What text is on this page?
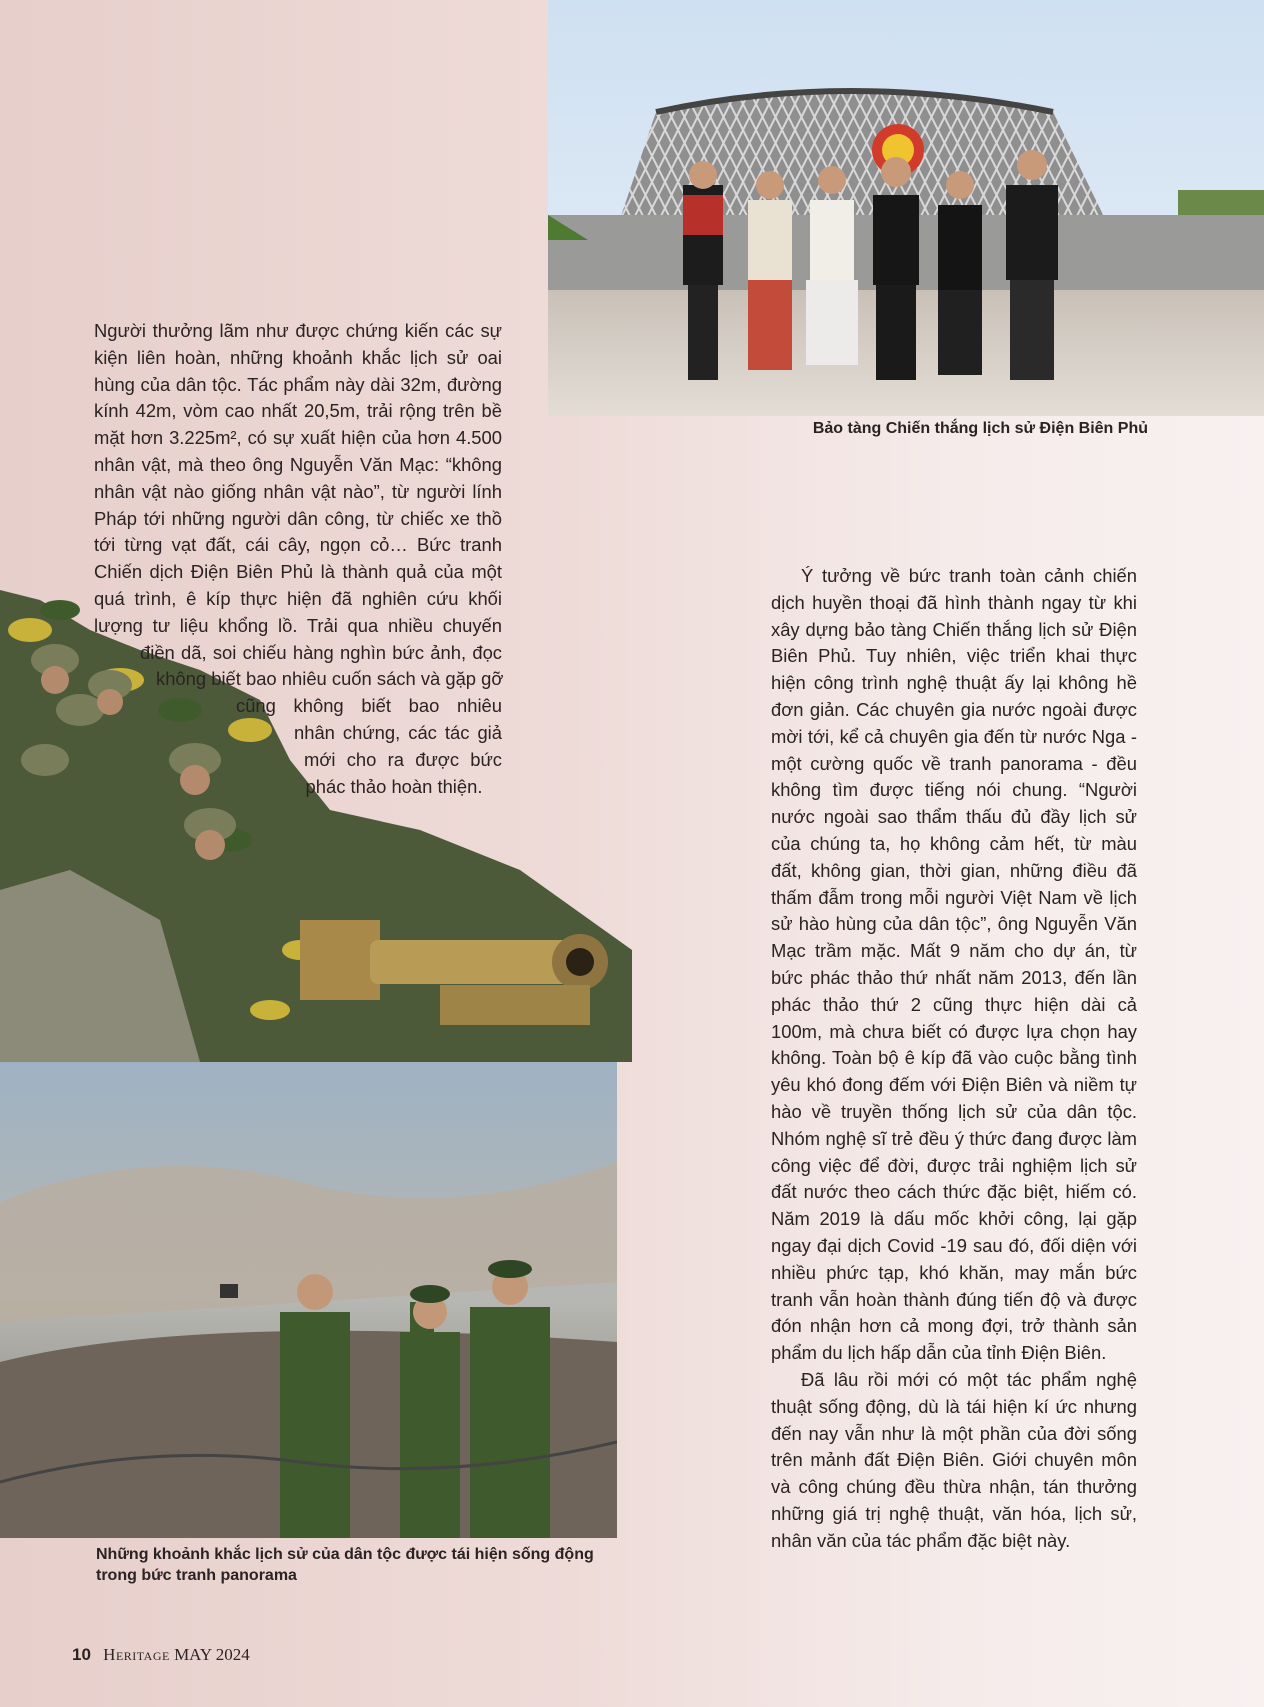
Bảo tàng Chiến thắng lịch sử Điện Biên Phủ
Những khoảnh khắc lịch sử của dân tộc được tái hiện sống động trong bức tranh panorama
Người thưởng lãm như được chứng kiến các sự
kiện liên hoàn, những khoảnh khắc lịch sử oai
hùng của dân tộc. Tác phẩm này dài 32m, đường
kính 42m, vòm cao nhất 20,5m, trải rộng trên bề
mặt hơn 3.225m², có sự xuất hiện của hơn 4.500
nhân vật, mà theo ông Nguyễn Văn Mạc: “không
nhân vật nào giống nhân vật nào”, từ người lính
Pháp tới những người dân công, từ chiếc xe thồ
tới từng vạt đất, cái cây, ngọn cỏ… Bức tranh
Chiến dịch Điện Biên Phủ là thành quả của một
quá trình, ê kíp thực hiện đã nghiên cứu khối
lượng tư liệu khổng lồ. Trải qua nhiều chuyến
điền dã, soi chiếu hàng nghìn bức ảnh, đọc
không biết bao nhiêu cuốn sách và gặp gỡ
cũng không biết bao nhiêu
nhân chứng, các tác giả
mới cho ra được bức
phác thảo hoàn thiện.

Ý tưởng về bức tranh toàn cảnh chiến dịch huyền thoại đã hình thành ngay từ khi xây dựng bảo tàng Chiến thắng lịch sử Điện Biên Phủ. Tuy nhiên, việc triển khai thực hiện công trình nghệ thuật ấy lại không hề đơn giản. Các chuyên gia nước ngoài được mời tới, kể cả chuyên gia đến từ nước Nga - một cường quốc về tranh panorama - đều không tìm được tiếng nói chung. “Người nước ngoài sao thẩm thấu đủ đầy lịch sử của chúng ta, họ không cảm hết, từ màu đất, không gian, thời gian, những điều đã thấm đẫm trong mỗi người Việt Nam về lịch sử hào hùng của dân tộc”, ông Nguyễn Văn Mạc trầm mặc. Mất 9 năm cho dự án, từ bức phác thảo thứ nhất năm 2013, đến lần phác thảo thứ 2 cũng thực hiện dài cả 100m, mà chưa biết có được lựa chọn hay không. Toàn bộ ê kíp đã vào cuộc bằng tình yêu khó đong đếm với Điện Biên và niềm tự hào về truyền thống lịch sử của dân tộc. Nhóm nghệ sĩ trẻ đều ý thức đang được làm công việc để đời, được trải nghiệm lịch sử đất nước theo cách thức đặc biệt, hiếm có. Năm 2019 là dấu mốc khởi công, lại gặp ngay đại dịch Covid -19 sau đó, đối diện với nhiều phức tạp, khó khăn, may mắn bức tranh vẫn hoàn thành đúng tiến độ và được đón nhận hơn cả mong đợi, trở thành sản phẩm du lịch hấp dẫn của tỉnh Điện Biên.

Đã lâu rồi mới có một tác phẩm nghệ thuật sống động, dù là tái hiện kí ức nhưng đến nay vẫn như là một phần của đời sống trên mảnh đất Điện Biên. Giới chuyên môn và công chúng đều thừa nhận, tán thưởng những giá trị nghệ thuật, văn hóa, lịch sử, nhân văn của tác phẩm đặc biệt này.

10 Heritage MAY 2024
